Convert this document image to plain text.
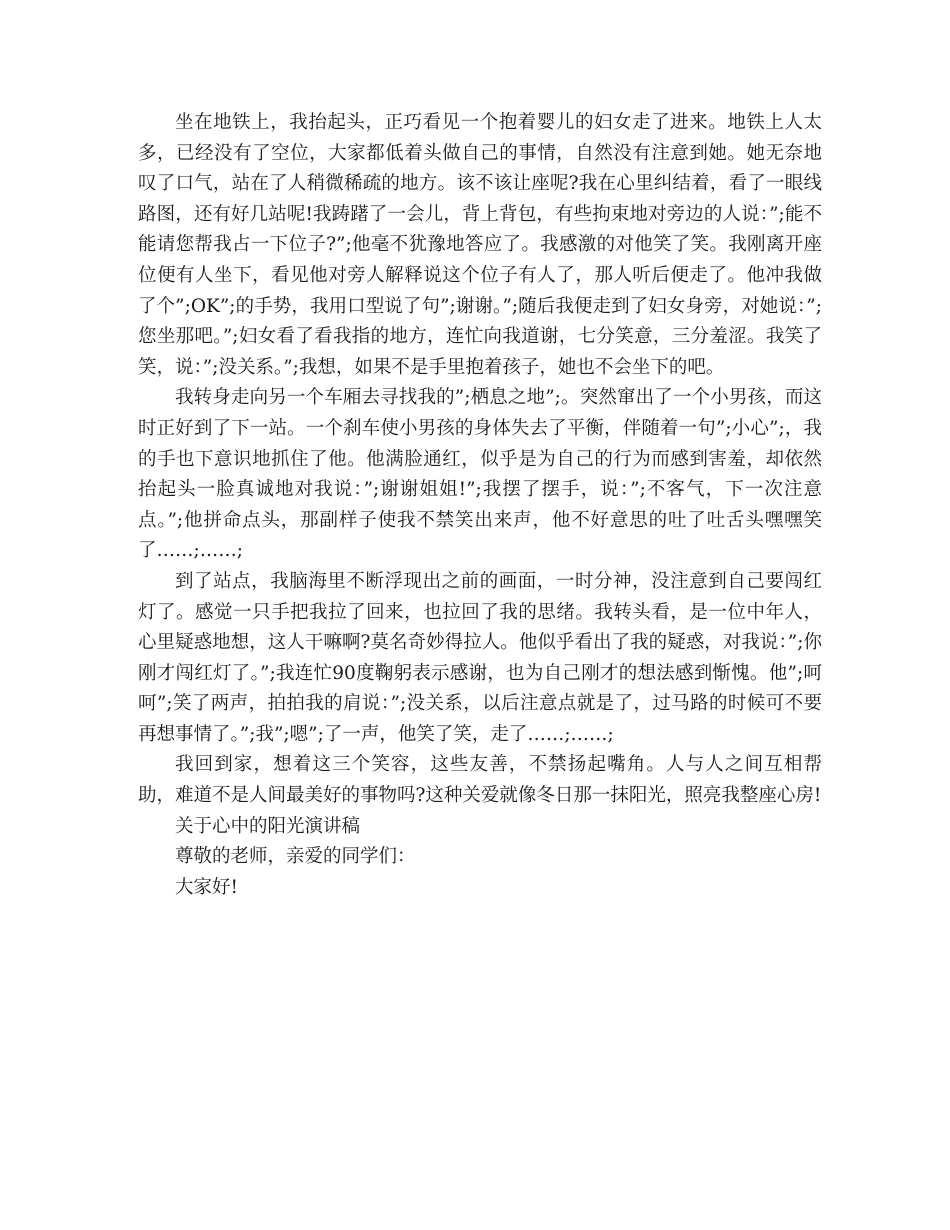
坐在地铁上，我抬起头，正巧看见一个抱着婴儿的妇女走了进来。地铁上人太多，已经没有了空位，大家都低着头做自己的事情，自然没有注意到她。她无奈地叹了口气，站在了人稍微稀疏的地方。该不该让座呢?我在心里纠结着，看了一眼线路图，还有好几站呢!我踌躇了一会儿，背上背包，有些拘束地对旁边的人说：”;能不能请您帮我占一下位子?”;他毫不犹豫地答应了。我感激的对他笑了笑。我刚离开座位便有人坐下，看见他对旁人解释说这个位子有人了，那人听后便走了。他冲我做了个”;OK”;的手势，我用口型说了句”;谢谢。”;随后我便走到了妇女身旁，对她说：”;您坐那吧。”;妇女看了看我指的地方，连忙向我道谢，七分笑意，三分羞涩。我笑了笑，说：”;没关系。”;我想，如果不是手里抱着孩子，她也不会坐下的吧。

我转身走向另一个车厢去寻找我的”;栖息之地”;。突然窜出了一个小男孩，而这时正好到了下一站。一个刹车使小男孩的身体失去了平衡，伴随着一句”;小心”;，我的手也下意识地抓住了他。他满脸通红，似乎是为自己的行为而感到害羞，却依然抬起头一脸真诚地对我说：”;谢谢姐姐!”;我摆了摆手，说：”;不客气，下一次注意点。”;他拼命点头，那副样子使我不禁笑出来声，他不好意思的吐了吐舌头嘿嘿笑了……;……;

到了站点，我脑海里不断浮现出之前的画面，一时分神，没注意到自己要闯红灯了。感觉一只手把我拉了回来，也拉回了我的思绪。我转头看，是一位中年人，心里疑惑地想，这人干嘛啊?莫名奇妙得拉人。他似乎看出了我的疑惑，对我说：”;你刚才闯红灯了。”;我连忙90度鞠躬表示感谢，也为自己刚才的想法感到惭愧。他”;呵呵”;笑了两声，拍拍我的肩说：”;没关系，以后注意点就是了，过马路的时候可不要再想事情了。”;我”;嗯”;了一声，他笑了笑，走了……;……;

我回到家，想着这三个笑容，这些友善，不禁扬起嘴角。人与人之间互相帮助，难道不是人间最美好的事物吗?这种关爱就像冬日那一抹阳光，照亮我整座心房!

关于心中的阳光演讲稿

尊敬的老师，亲爱的同学们：

大家好!
